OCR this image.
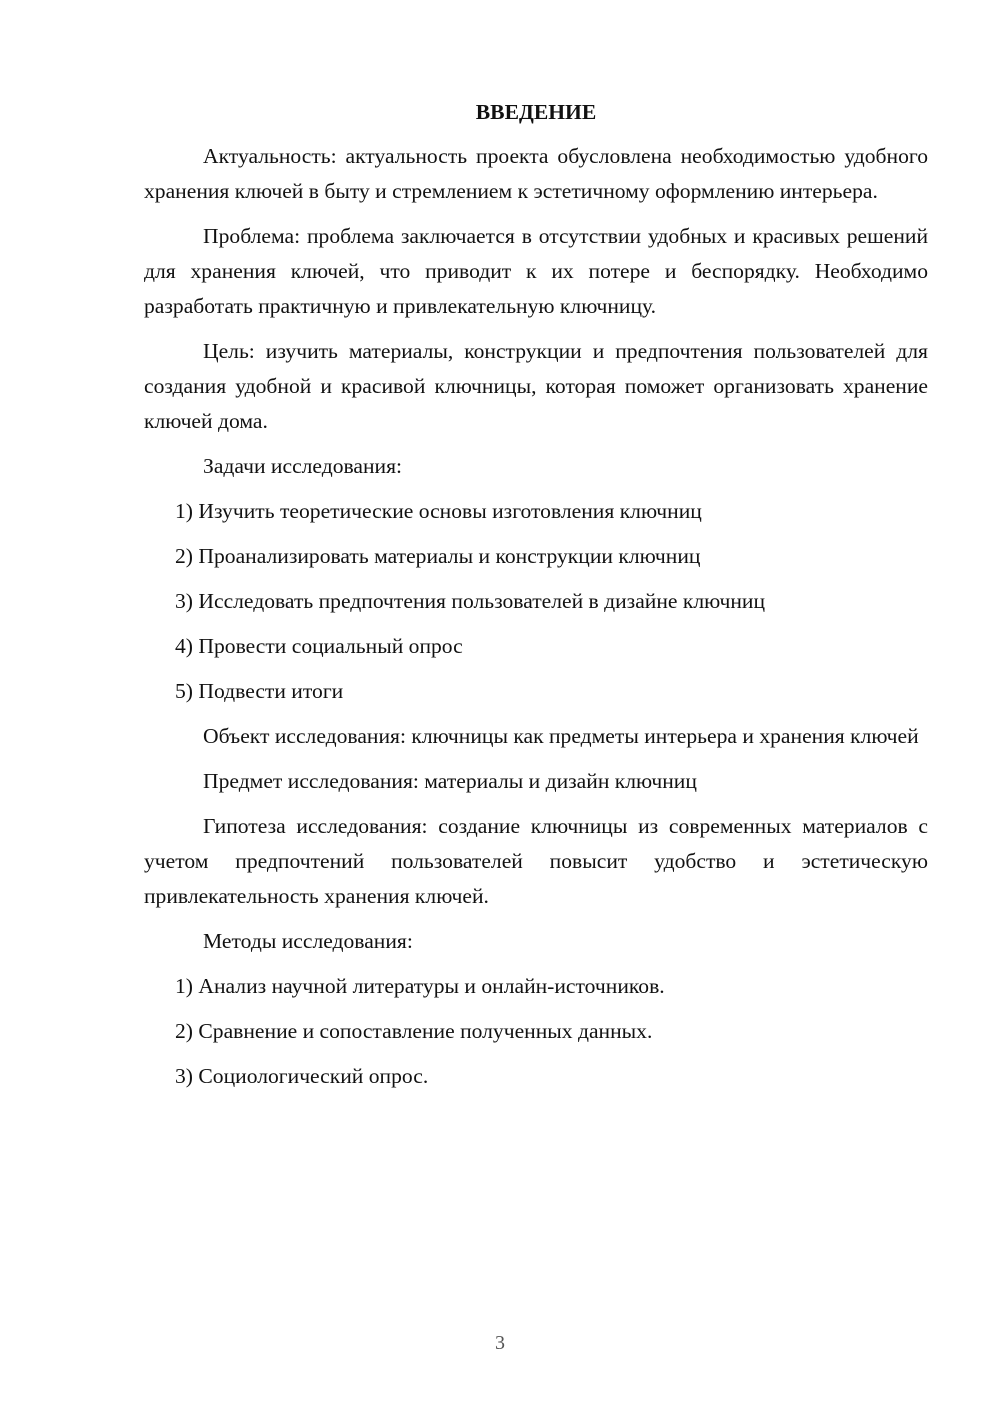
ВВЕДЕНИЕ

Актуальность: актуальность проекта обусловлена необходимостью удобного хранения ключей в быту и стремлением к эстетичному оформлению интерьера.

Проблема: проблема заключается в отсутствии удобных и красивых решений для хранения ключей, что приводит к их потере и беспорядку. Необходимо разработать практичную и привлекательную ключницу.

Цель: изучить материалы, конструкции и предпочтения пользователей для создания удобной и красивой ключницы, которая поможет организовать хранение ключей дома.

Задачи исследования:

1) Изучить теоретические основы изготовления ключниц

2) Проанализировать материалы и конструкции ключниц

3) Исследовать предпочтения пользователей в дизайне ключниц

4) Провести социальный опрос

5) Подвести итоги

Объект исследования: ключницы как предметы интерьера и хранения ключей

Предмет исследования: материалы и дизайн ключниц

Гипотеза исследования: создание ключницы из современных материалов с учетом предпочтений пользователей повысит удобство и эстетическую привлекательность хранения ключей.

Методы исследования:

1) Анализ научной литературы и онлайн-источников.

2) Сравнение и сопоставление полученных данных.

3) Социологический опрос.

3
